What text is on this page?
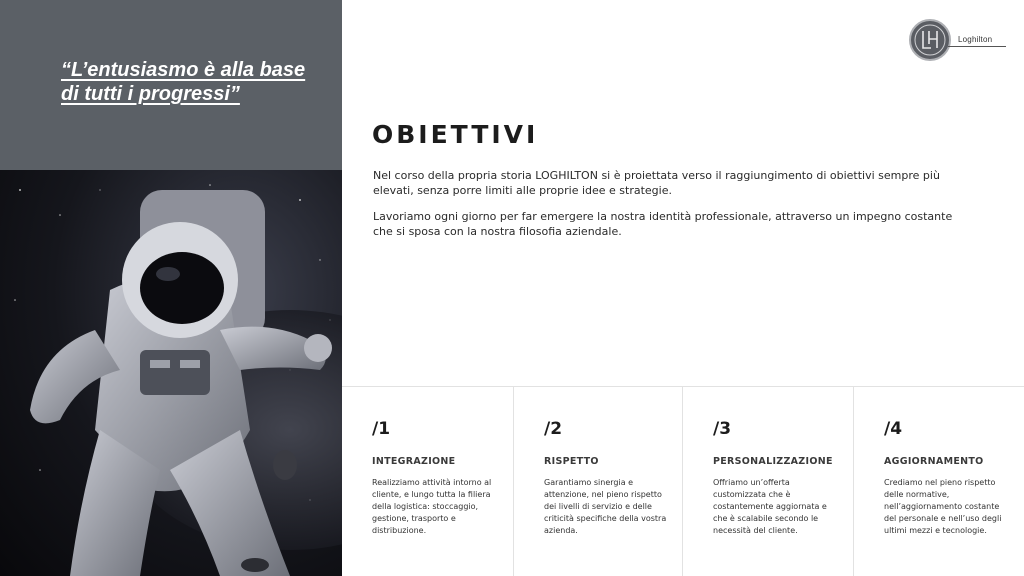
“L’entusiasmo è alla base
di tutti i progressi”
Loghilton
OBIETTIVI

Nel corso della propria storia LOGHILTON si è proiettata verso il raggiungimento di obiettivi sempre più elevati, senza porre limiti alle proprie idee e strategie.

Lavoriamo ogni giorno per far emergere la nostra identità professionale, attraverso un impegno costante che si sposa con la nostra filosofia aziendale.

/1
INTEGRAZIONE
Realizziamo attività intorno al cliente, e lungo tutta la filiera della logistica: stoccaggio, gestione, trasporto e distribuzione.
/2
RISPETTO
Garantiamo sinergia e attenzione, nel pieno rispetto dei livelli di servizio e delle criticità specifiche della vostra azienda.
/3
PERSONALIZZAZIONE
Offriamo un’offerta customizzata che è costantemente aggiornata e che è scalabile secondo le necessità del cliente.
/4
AGGIORNAMENTO
Crediamo nel pieno rispetto delle normative, nell’aggiornamento costante del personale e nell’uso degli ultimi mezzi e tecnologie.
